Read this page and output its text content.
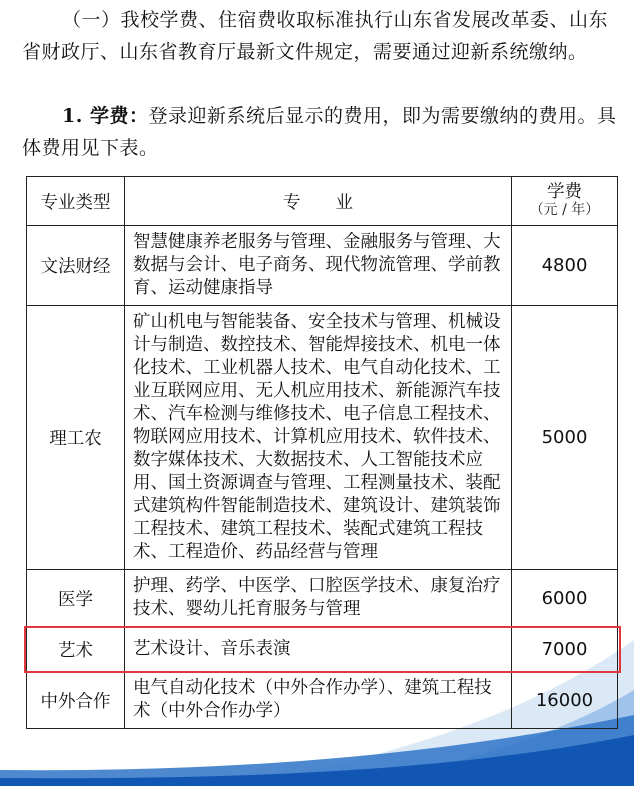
（一）我校学费、住宿费收取标准执行山东省发展改革委、山东省财政厅、山东省教育厅最新文件规定，需要通过迎新系统缴纳。
1. 学费：登录迎新系统后显示的费用，即为需要缴纳的费用。具体费用见下表。
专业类型	专　　业	学费
（元 / 年）

文法财经	智慧健康养老服务与管理、金融服务与管理、大数据与会计、电子商务、现代物流管理、学前教育、运动健康指导	4800
理工农	矿山机电与智能装备、安全技术与管理、机械设计与制造、数控技术、智能焊接技术、机电一体化技术、工业机器人技术、电气自动化技术、工业互联网应用、无人机应用技术、新能源汽车技术、汽车检测与维修技术、电子信息工程技术、物联网应用技术、计算机应用技术、软件技术、数字媒体技术、大数据技术、人工智能技术应用、国土资源调查与管理、工程测量技术、装配式建筑构件智能制造技术、建筑设计、建筑装饰工程技术、建筑工程技术、装配式建筑工程技术、工程造价、药品经营与管理	5000
医学	护理、药学、中医学、口腔医学技术、康复治疗技术、婴幼儿托育服务与管理	6000
艺术	艺术设计、音乐表演	7000
中外合作	电气自动化技术（中外合作办学）、建筑工程技术（中外合作办学）	16000
